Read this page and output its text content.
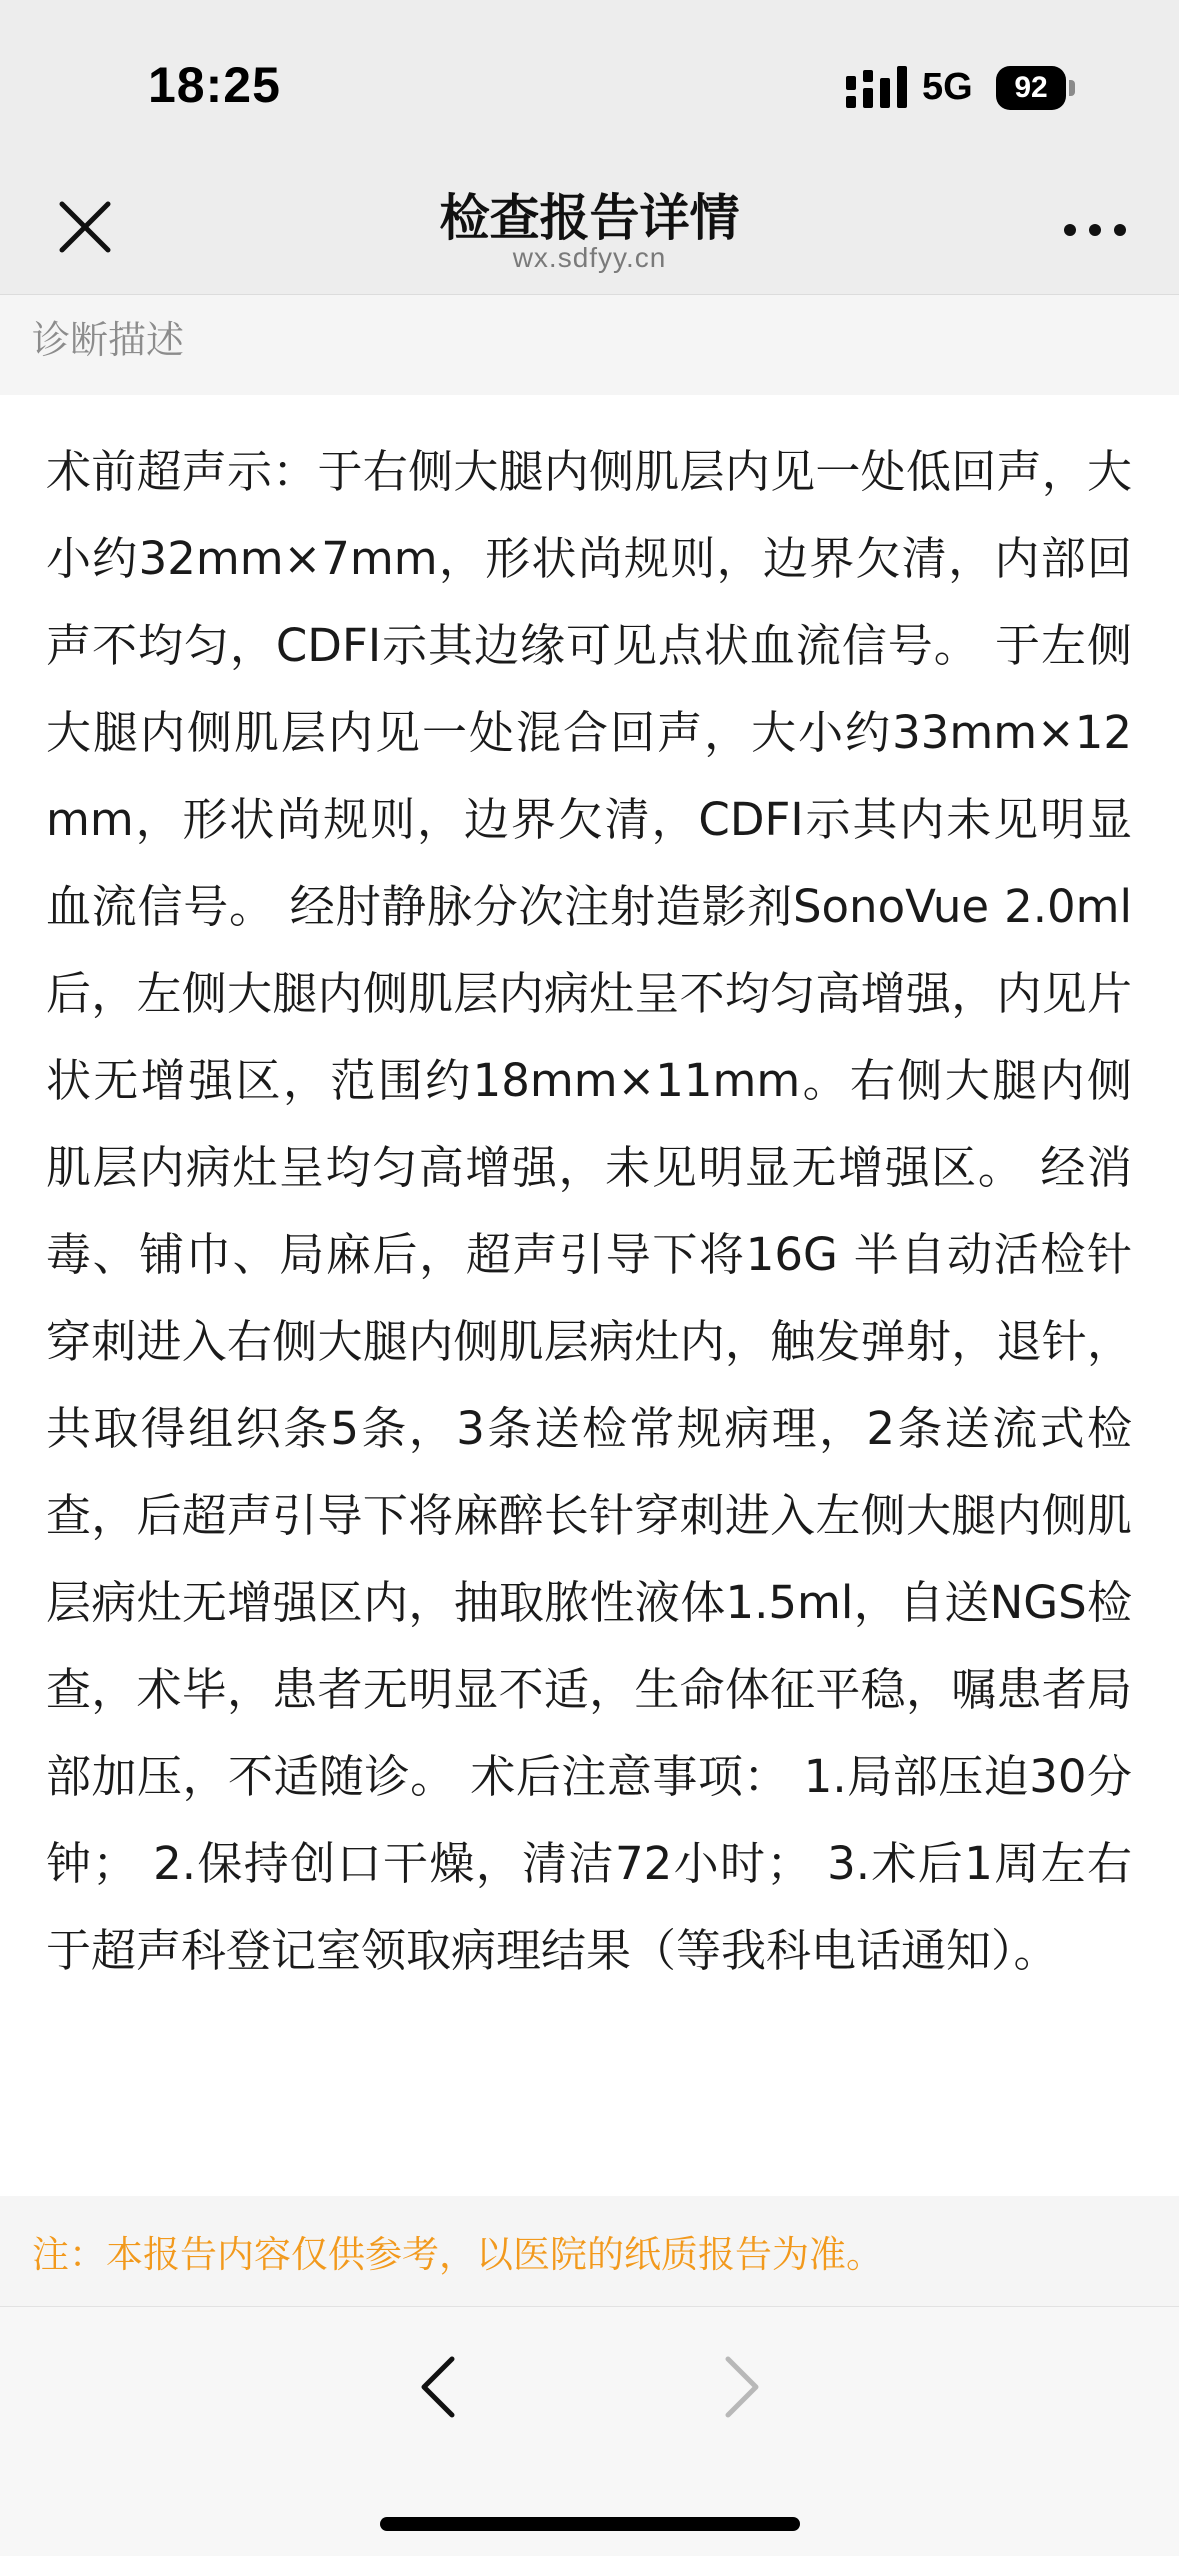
18:25	5G	92
检查报告详情
wx.sdfyy.cn
诊断描述
术前超声示：于右侧大腿内侧肌层内见一处低回声，大小约32mm×7mm，形状尚规则，边界欠清，内部回声不均匀，CDFI示其边缘可见点状血流信号。 于左侧大腿内侧肌层内见一处混合回声，大小约33mm×12mm，形状尚规则，边界欠清，CDFI示其内未见明显血流信号。 经肘静脉分次注射造影剂SonoVue 2.0ml后，左侧大腿内侧肌层内病灶呈不均匀高增强，内见片状无增强区，范围约18mm×11mm。右侧大腿内侧肌层内病灶呈均匀高增强，未见明显无增强区。 经消毒、铺巾、局麻后，超声引导下将16G 半自动活检针穿刺进入右侧大腿内侧肌层病灶内，触发弹射，退针，共取得组织条5条，3条送检常规病理，2条送流式检查，后超声引导下将麻醉长针穿刺进入左侧大腿内侧肌层病灶无增强区内，抽取脓性液体1.5ml，自送NGS检查，术毕，患者无明显不适，生命体征平稳，嘱患者局部加压，不适随诊。 术后注意事项： 1.局部压迫30分钟； 2.保持创口干燥，清洁72小时； 3.术后1周左右于超声科登记室领取病理结果（等我科电话通知）。
注：本报告内容仅供参考，以医院的纸质报告为准。
